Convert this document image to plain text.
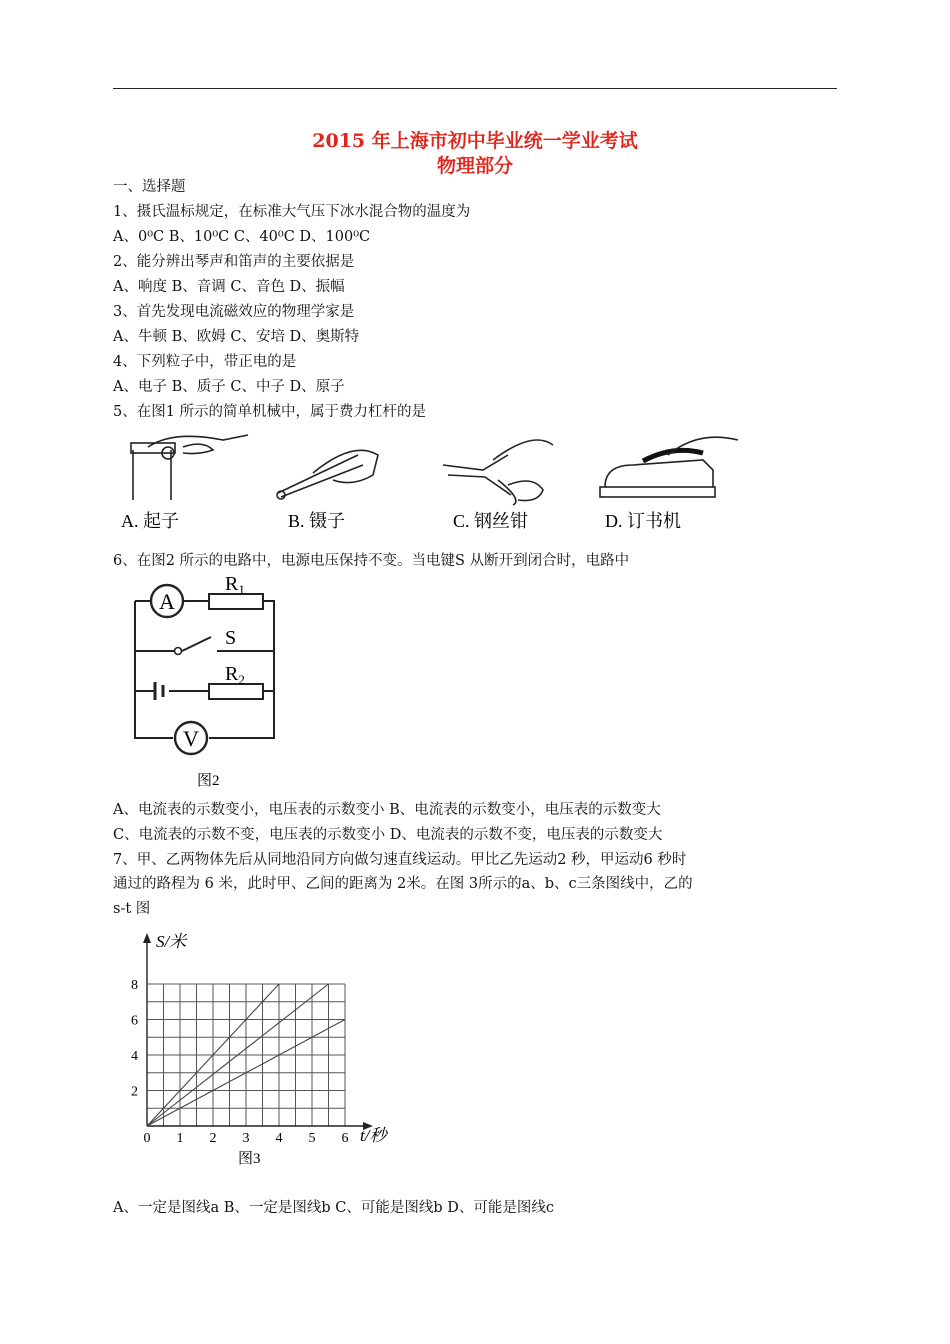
2015 年上海市初中毕业统一学业考试
物理部分
一、选择题
1、摄氏温标规定，在标准大气压下冰水混合物的温度为
A、0⁰C B、10⁰C C、40⁰C D、100⁰C
2、能分辨出琴声和笛声的主要依据是
A、响度 B、音调 C、音色 D、振幅
3、首先发现电流磁效应的物理学家是
A、牛顿 B、欧姆 C、安培 D、奥斯特
4、下列粒子中，带正电的是
A、电子 B、质子 C、中子 D、原子
5、在图1 所示的简单机械中，属于费力杠杆的是
A. 起子	B. 镊子	C. 钢丝钳	D. 订书机
6、在图2 所示的电路中，电源电压保持不变。当电键S 从断开到闭合时，电路中
A
$R_1$
S
$R_2$
V
图2
A、电流表的示数变小，电压表的示数变小 B、电流表的示数变小，电压表的示数变大
C、电流表的示数不变，电压表的示数变小 D、电流表的示数不变，电压表的示数变大
7、甲、乙两物体先后从同地沿同方向做匀速直线运动。甲比乙先运动2 秒，甲运动6 秒时
通过的路程为 6 米，此时甲、乙间的距离为 2米。在图 3所示的a、b、c三条图线中，乙的
s-t 图
0 1 2 3 4 5 6
2
4
6
8
S/米
t/秒
图3
A、一定是图线a B、一定是图线b C、可能是图线b D、可能是图线c
